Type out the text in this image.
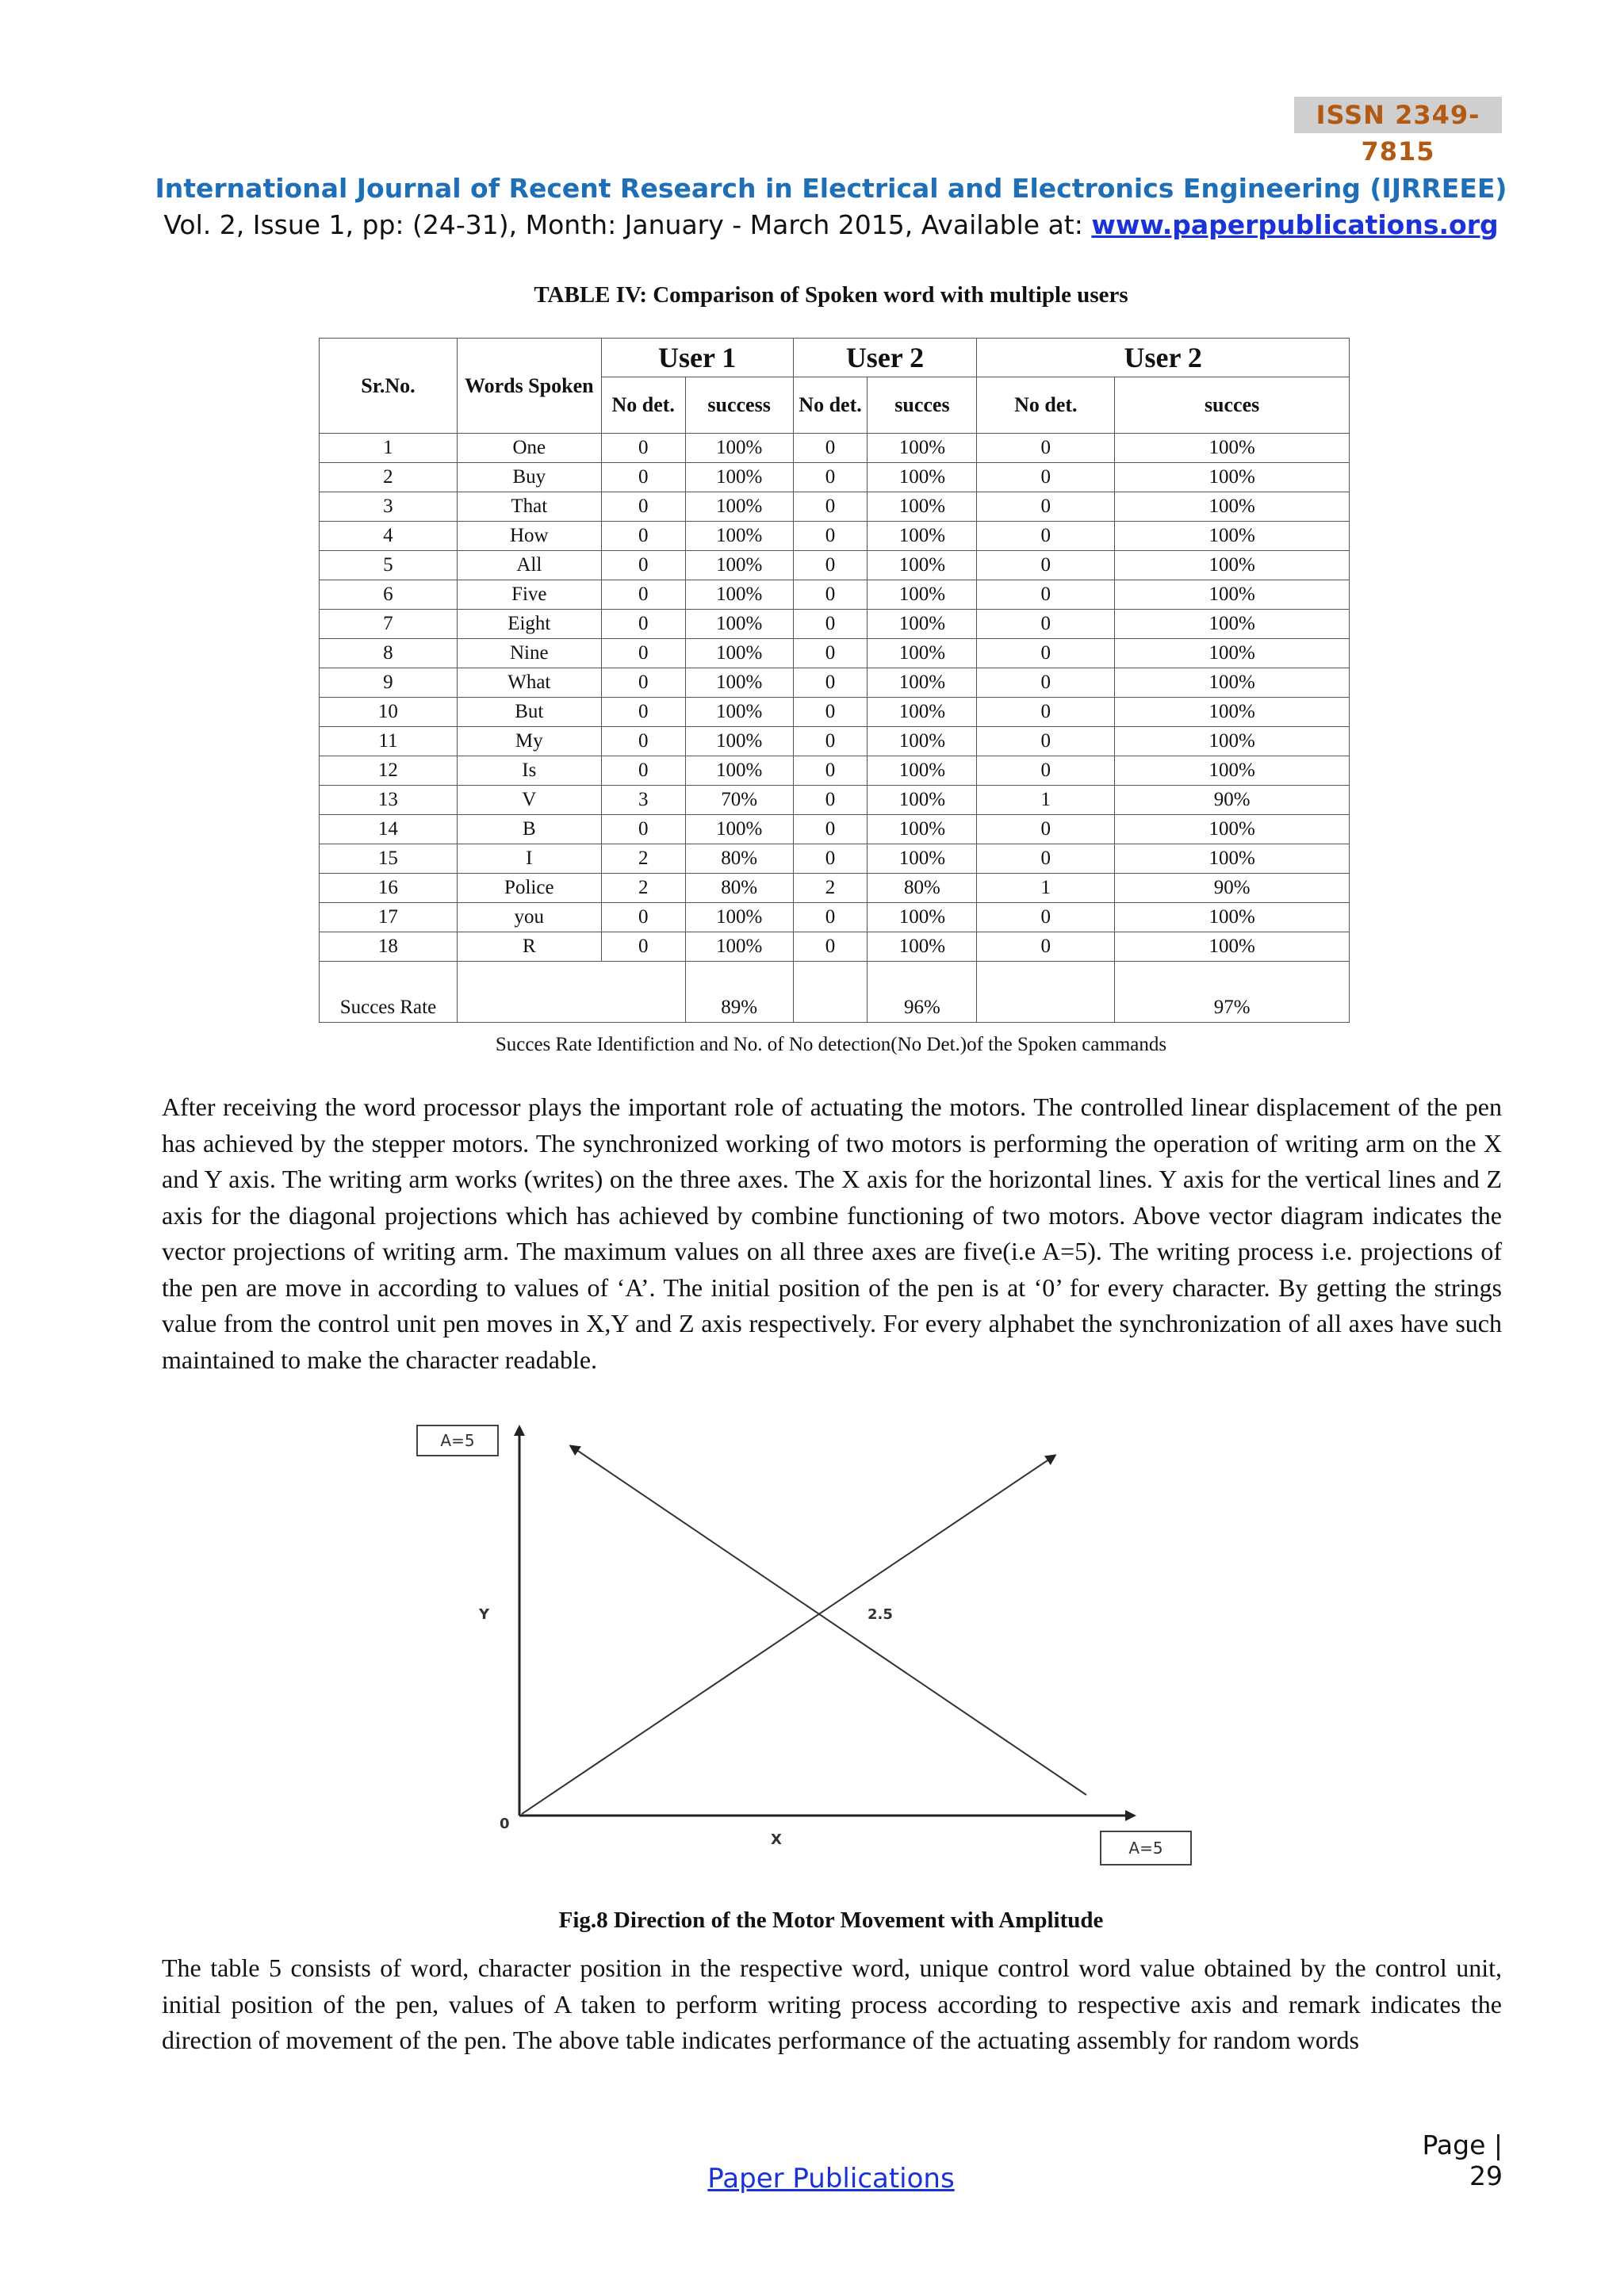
ISSN 2349-7815
International Journal of Recent Research in Electrical and Electronics Engineering (IJRREEE)
Vol. 2, Issue 1, pp: (24-31), Month: January - March 2015, Available at: www.paperpublications.org
TABLE IV: Comparison of Spoken word with multiple users
Sr.No.	Words Spoken	User 1		User 2		User 2	
		No det.	success	No det.	succes	No det.	succes
1	One	0	100%	0	100%	0	100%
2	Buy	0	100%	0	100%	0	100%
3	That	0	100%	0	100%	0	100%
4	How	0	100%	0	100%	0	100%
5	All	0	100%	0	100%	0	100%
6	Five	0	100%	0	100%	0	100%
7	Eight	0	100%	0	100%	0	100%
8	Nine	0	100%	0	100%	0	100%
9	What	0	100%	0	100%	0	100%
10	But	0	100%	0	100%	0	100%
11	My	0	100%	0	100%	0	100%
12	Is	0	100%	0	100%	0	100%
13	V	3	70%	0	100%	1	90%
14	B	0	100%	0	100%	0	100%
15	I	2	80%	0	100%	0	100%
16	Police	2	80%	2	80%	1	90%
17	you	0	100%	0	100%	0	100%
18	R	0	100%	0	100%	0	100%
Succes Rate			89%		96%		97%
Succes Rate Identifiction and No. of No detection(No Det.)of the Spoken cammands

After receiving the word processor plays the important role of actuating the motors. The controlled linear displacement of the pen has achieved by the stepper motors. The synchronized working of two motors is performing the operation of writing arm on the X and Y axis. The writing arm works (writes) on the three axes. The X axis for the horizontal lines. Y axis for the vertical lines and Z axis for the diagonal projections which has achieved by combine functioning of two motors. Above vector diagram indicates the vector projections of writing arm. The maximum values on all three axes are five(i.e A=5). The writing process i.e. projections of the pen are move in according to values of ‘A’. The initial position of the pen is at ‘0’ for every character. By getting the strings value from the control unit pen moves in X,Y and Z axis respectively. For every alphabet the synchronization of all axes have such maintained to make the character readable.

A=5
Y	2.5
0
X	A=5
Fig.8 Direction of the Motor Movement with Amplitude

The table 5 consists of word, character position in the respective word, unique control word value obtained by the control unit, initial position of the pen, values of A taken to perform writing process according to respective axis and remark indicates the direction of movement of the pen. The above table indicates performance of the actuating assembly for random words

Page | 29
Paper Publications
